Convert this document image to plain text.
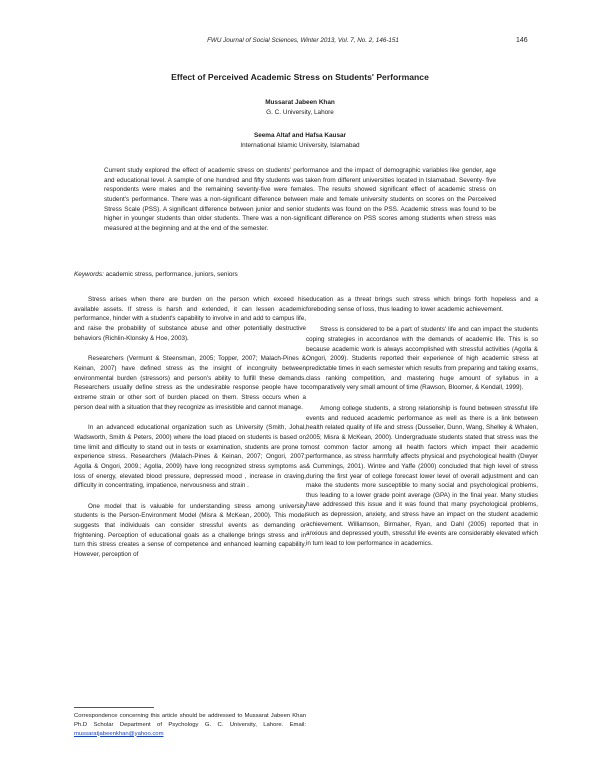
FWU Journal of Social Sciences, Winter 2013, Vol. 7, No. 2, 146-151	146
Effect of Perceived Academic Stress on Students' Performance
Mussarat Jabeen Khan
G. C. University, Lahore
Seema Altaf and Hafsa Kausar
International Islamic University, Islamabad
Current study explored the effect of academic stress on students' performance and the impact of demographic variables like gender, age and educational level. A sample of one hundred and fifty students was taken from different universities located in Islamabad. Seventy- five respondents were males and the remaining seventy-five were females. The results showed significant effect of academic stress on student's performance. There was a non-significant difference between male and female university students on scores on the Perceived Stress Scale (PSS). A significant difference between junior and senior students was found on the PSS. Academic stress was found to be higher in younger students than older students. There was a non-significant difference on PSS scores among students when stress was measured at the beginning and at the end of the semester.
Keywords: academic stress, performance, juniors, seniors

Stress arises when there are burden on the person which exceed his available assets. If stress is harsh and extended, it can lessen academic performance, hinder with a student's capability to involve in and add to campus life, and raise the probability of substance abuse and other potentially destructive behaviors (Richlin-Klonsky & Hoe, 2003).

Researchers (Vermunt & Steensman, 2005; Topper, 2007; Malach-Pines & Keinan, 2007) have defined stress as the insight of incongruity between environmental burden (stressors) and person's ability to fulfill these demands. Researchers usually define stress as the undesirable response people have to extreme strain or other sort of burden placed on them. Stress occurs when a person deal with a situation that they recognize as irresistible and cannot manage.

In an advanced educational organization such as University (Smith, Johal, Wadsworth, Smith & Peters, 2000) where the load placed on students is based on time limit and difficulty to stand out in tests or examination, students are prone to experience stress. Researchers (Malach-Pines & Keinan, 2007; Ongori, 2007; Agolla & Ongori, 2009.; Agolla, 2009) have long recognized stress symptoms as loss of energy, elevated blood pressure, depressed mood , increase in craving, difficulty in concentrating, impatience, nervousness and strain .

One model that is valuable for understanding stress among university students is the Person-Environment Model (Misra & McKean, 2000). This model suggests that individuals can consider stressful events as demanding or frightening. Perception of educational goals as a challenge brings stress and in turn this stress creates a sense of competence and enhanced learning capability. However, perception of

education as a threat brings such stress which brings forth hopeless and a foreboding sense of loss, thus leading to lower academic achievement.

Stress is considered to be a part of students' life and can impact the students coping strategies in accordance with the demands of academic life. This is so because academic work is always accomplished with stressful activities (Agolla & Ongori, 2009). Students reported their experience of high academic stress at predictable times in each semester which results from preparing and taking exams, class ranking competition, and mastering huge amount of syllabus in a comparatively very small amount of time (Rawson, Bloomer, & Kendall, 1999).

Among college students, a strong relationship is found between stressful life events and reduced academic performance as well as there is a link between health related quality of life and stress (Dusselier, Dunn, Wang, Shelley & Whalen, 2005; Misra & McKean, 2000). Undergraduate students stated that stress was the most common factor among all health factors which impact their academic performance, as stress harmfully affects physical and psychological health (Dwyer & Cummings, 2001). Wintre and Yaffe (2000) concluded that high level of stress during the first year of college forecast lower level of overall adjustment and can make the students more susceptible to many social and psychological problems, thus leading to a lower grade point average (GPA) in the final year. Many studies have addressed this issue and it was found that many psychological problems, such as depression, anxiety, and stress have an impact on the student academic achievement. Williamson, Birmaher, Ryan, and Dahl (2005) reported that in anxious and depressed youth, stressful life events are considerably elevated which in turn lead to low performance in academics.

Correspondence concerning this article should be addressed to Mussarat Jabeen Khan Ph.D Scholar Department of Psychology G. C. University, Lahore. Email: mussaratjabeenkhan@yahoo.com
